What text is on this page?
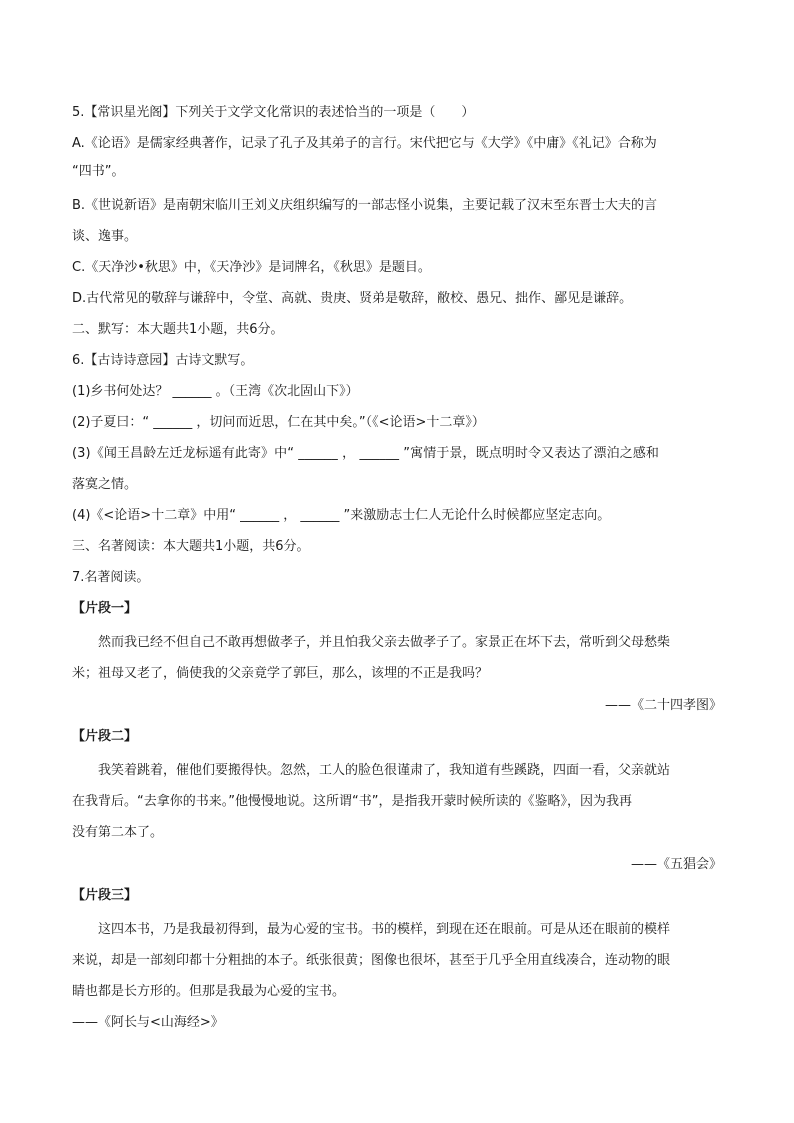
5.【常识星光阁】下列关于文学文化常识的表述恰当的一项是（　　）
A.《论语》是儒家经典著作，记录了孔子及其弟子的言行。宋代把它与《大学》《中庸》《礼记》合称为
“四书”。
B.《世说新语》是南朝宋临川王刘义庆组织编写的一部志怪小说集，主要记载了汉末至东晋士大夫的言
谈、逸事。
C.《天净沙•秋思》中，《天净沙》是词牌名，《秋思》是题目。
D.古代常见的敬辞与谦辞中，令堂、高就、贵庚、贤弟是敬辞，敝校、愚兄、拙作、鄙见是谦辞。
二、默写：本大题共1小题，共6分。
6.【古诗诗意园】古诗文默写。
(1)乡书何处达？ ______ 。（王湾《次北固山下》）
(2)子夏曰：“ ______ ，切问而近思，仁在其中矣。”（《<论语>十二章》）
(3)《闻王昌龄左迁龙标遥有此寄》中“ ______ ， ______ ”寓情于景，既点明时令又表达了漂泊之感和
落寞之情。
(4)《<论语>十二章》中用“ ______ ， ______ ”来激励志士仁人无论什么时候都应坚定志向。
三、名著阅读：本大题共1小题，共6分。
7.名著阅读。
【片段一】
然而我已经不但自己不敢再想做孝子，并且怕我父亲去做孝子了。家景正在坏下去，常听到父母愁柴
米；祖母又老了，倘使我的父亲竟学了郭巨，那么，该埋的不正是我吗？
——《二十四孝图》
【片段二】
我笑着跳着，催他们要搬得快。忽然，工人的脸色很谨肃了，我知道有些蹊跷，四面一看，父亲就站
在我背后。“去拿你的书来。”他慢慢地说。这所谓“书”，是指我开蒙时候所读的《鉴略》，因为我再
没有第二本了。
——《五猖会》
【片段三】
这四本书，乃是我最初得到，最为心爱的宝书。书的模样，到现在还在眼前。可是从还在眼前的模样
来说，却是一部刻印都十分粗拙的本子。纸张很黄；图像也很坏，甚至于几乎全用直线凑合，连动物的眼
睛也都是长方形的。但那是我最为心爱的宝书。
——《阿长与<山海经>》
